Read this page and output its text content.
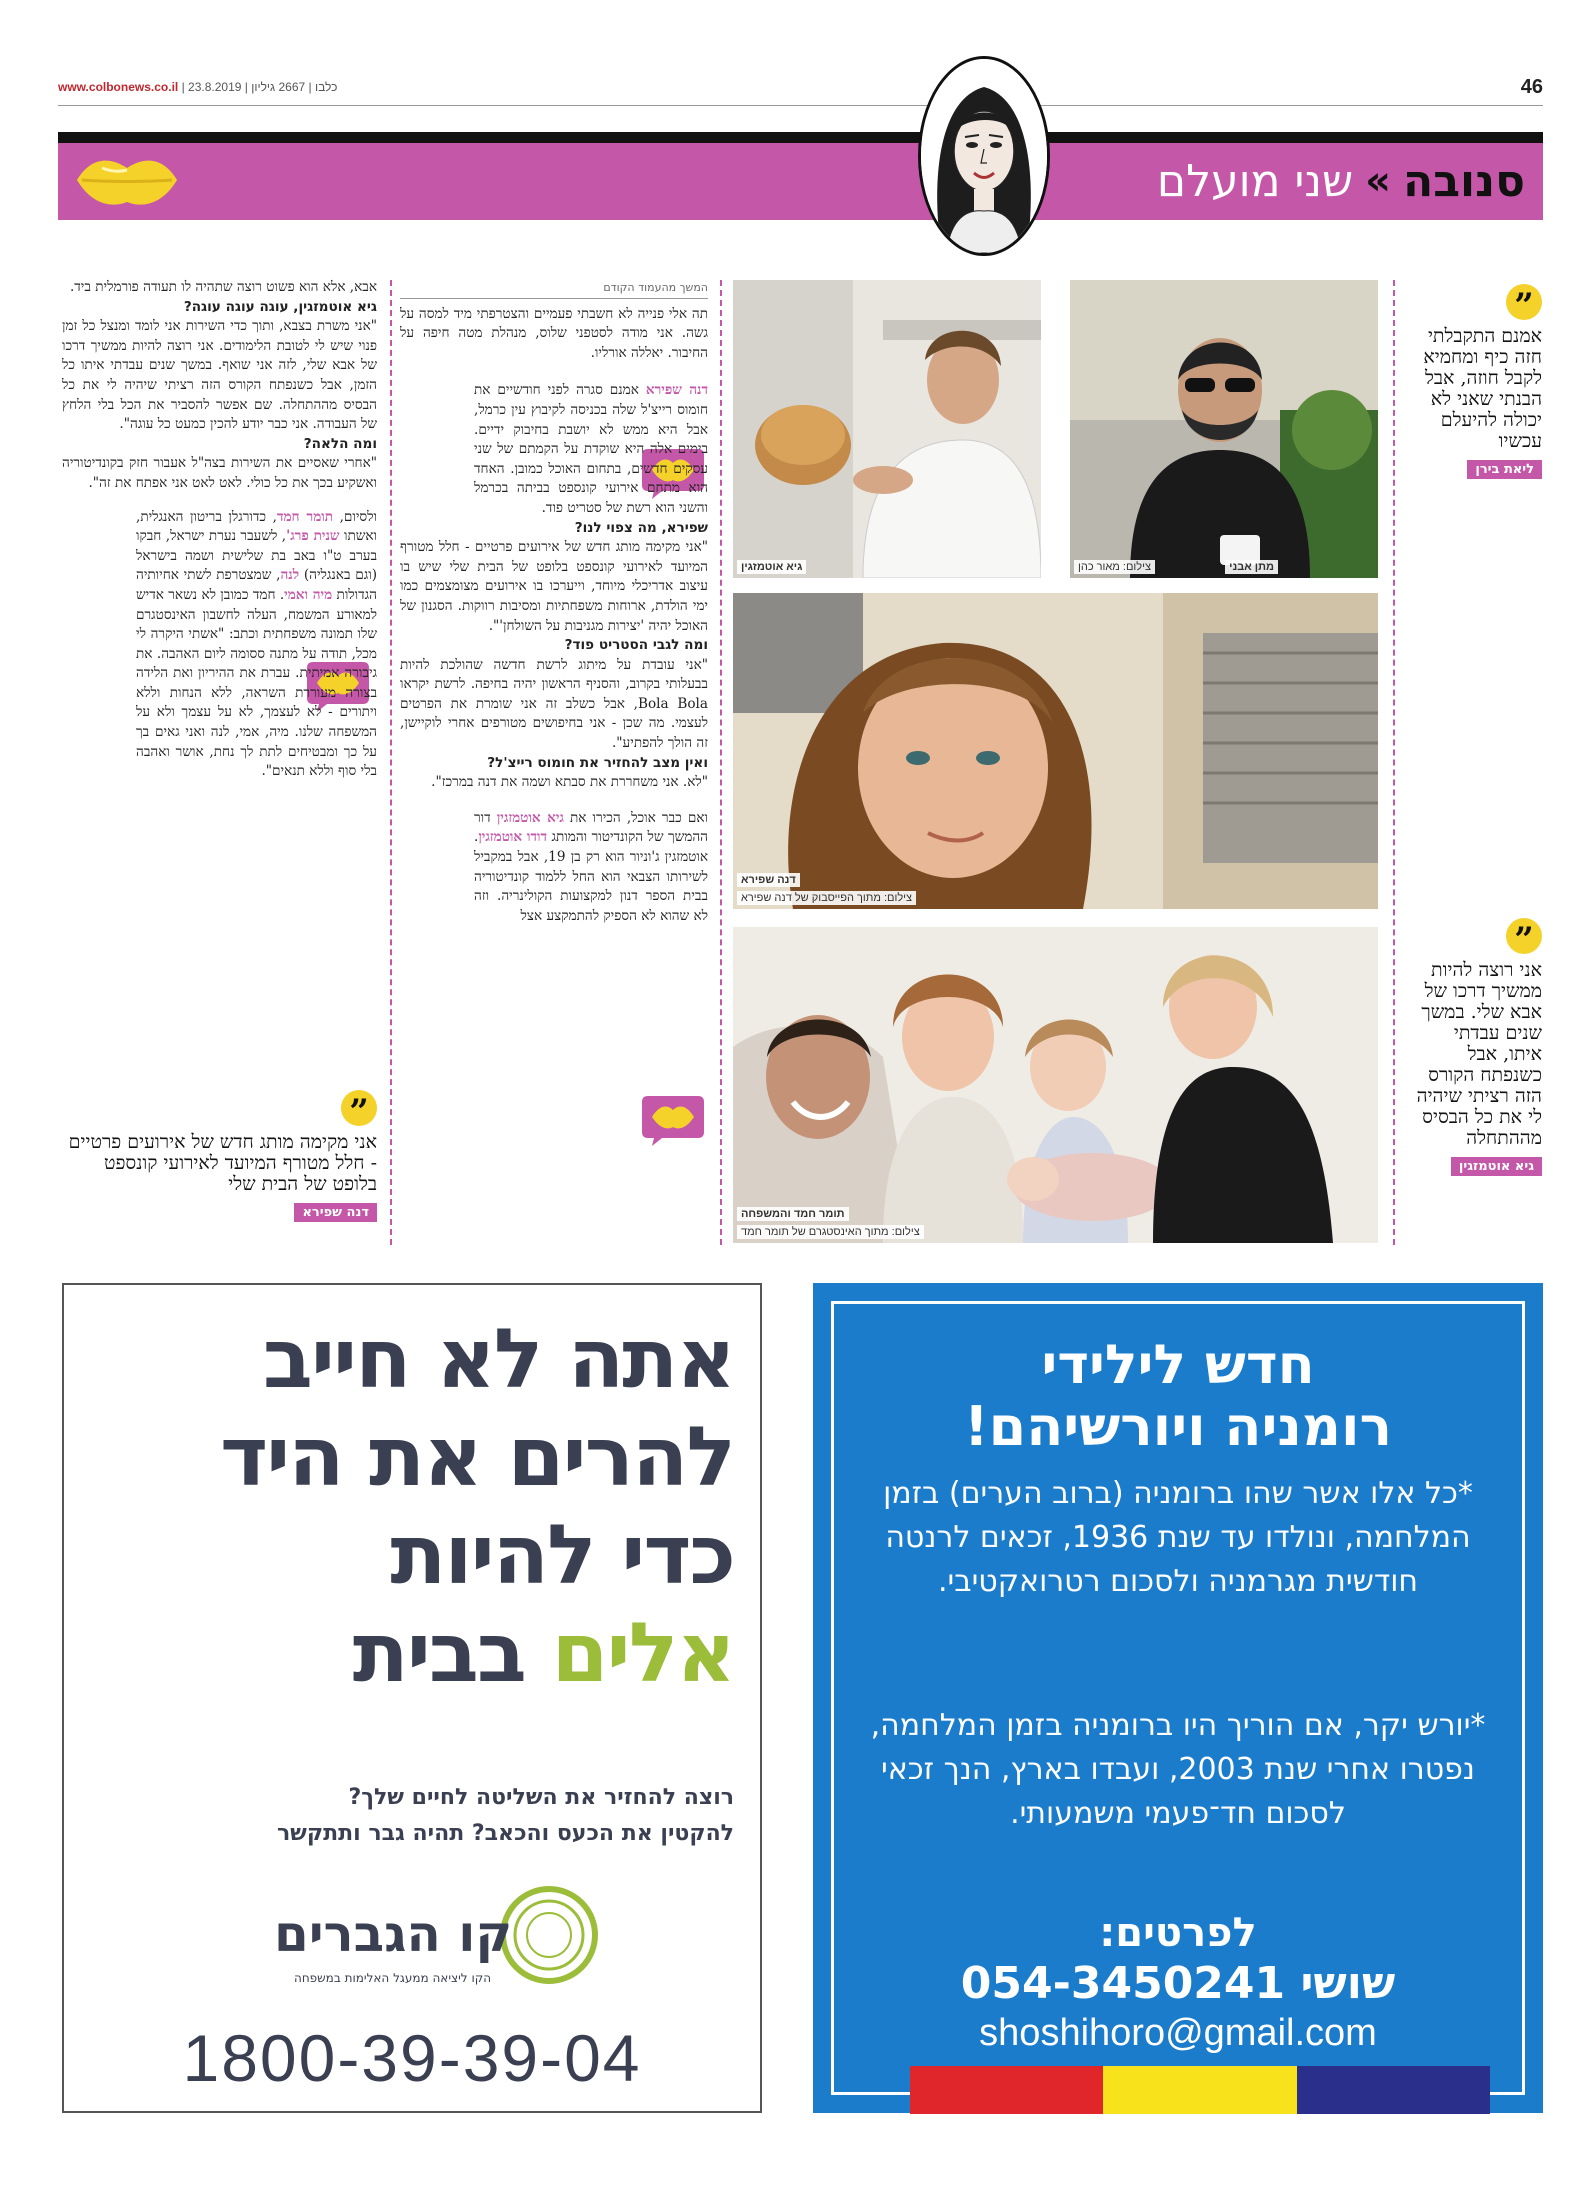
www.colbonews.co.il | כלבו | 2667 גיליון | 23.8.2019	46
סנובה
»
שני מועלם
צילום: מאור כהן	מתן אבני
גיא אוטמזגין
צילום: מתוך הפייסבוק של דנה שפירא
דנה שפירא
צילום: מתוך האינסטגרם של תומר חמד
תומר חמד והמשפחה
”
אמנם התקבלתי חזה כיף ומחמיא לקבל חוזה, אבל הבנתי שאני לא יכולה להיעלם עכשיו
ליאת בירן
”
אני רוצה להיות ממשיך דרכו של אבא שלי. במשך שנים עבדתי איתו, אבל כשנפתח הקורס הזה רציתי שיהיה לי את כל הבסיס מההתחלה
גיא אוטמזגין
”
אני מקימה מותג חדש של אירועים פרטיים - חלל מטורף המיועד לאירועי קונספט בלופט של הבית שלי
דנה שפירא

המשך מהעמוד הקודם

תה אלי פנייה לא חשבתי פעמיים והצטרפתי מיד למסה על גשה. אני מודה לסטפני שלוס, מנהלת מטה חיפה על החיבור. יאללה אורליו.

דנה שפירא אמנם סגרה לפני חודשיים את חומוס רייצ'ל שלה בכניסה לקיבוץ עין כרמל, אבל היא ממש לא יושבת בחיבוק ידיים. בימים אלה היא שוקדת על הקמתם של שני עסקים חדשים, בתחום האוכל כמובן. האחד הוא מתחם אירועי קונספט בביתה בכרמל והשני הוא רשת של סטריט פוד.

שפירא, מה צפוי לנו?

"אני מקימה מותג חדש של אירועים פרטיים - חלל מטורף המיועד לאירועי קונספט בלופט של הבית שלי שיש בו עיצוב אדריכלי מיוחד, וייערכו בו אירועים מצומצמים כמו ימי הולדת, ארוחות משפחתיות ומסיבות רווקות. הסגנון של האוכל יהיה 'יצירות מגניבות על השולחן'".

ומה לגבי הסטריט פוד?

"אני עובדת על מיתוג לרשת חדשה שהולכת להיות בבעלותי בקרוב, והסניף הראשון יהיה בחיפה. לרשת יקראו Bola Bola, אבל כשלב זה אני שומרת את הפרטים לעצמי. מה שכן - אני בחיפושים מטורפים אחרי לוקיישן, זה הולך להפתיע".

ואין מצב להחזיר את חומוס רייצ'ל?

"לא. אני משחררת את סבתא ושמה את דנה במרכז".

ואם כבר אוכל, הכירו את גיא אוטמזגין דור ההמשך של הקונדיטור והמותג דודו אוטמזגין. אוטמזגין ג'וניור הוא רק בן 19, אבל במקביל לשירותו הצבאי הוא החל ללמוד קונדיטוריה בבית הספר דנון למקצועות הקולינריה. וזה לא שהוא לא הספיק להתמקצע אצל

אבא, אלא הוא פשוט רוצה שתהיה לו תעודה פורמלית ביד.

גיא אוטמזגין, עוגה עוגה עוגה?

"אני משרת בצבא, ותוך כדי השירות אני לומד ומנצל כל זמן פנוי שיש לי לטובת הלימודים. אני רוצה להיות ממשיך דרכו של אבא שלי, לזה אני שואף. במשך שנים עבדתי איתו כל הזמן, אבל כשנפתח הקורס הזה רציתי שיהיה לי את כל הבסיס מההתחלה. שם אפשר להסביר את הכל בלי הלחץ של העבודה. אני כבר יודע להכין כמעט כל עוגה".

ומה הלאה?

"אחרי שאסיים את השירות בצה"ל אעבור חזק בקונדיטוריה ואשקיע בכך את כל כולי. לאט לאט אני אפתח את זה".

ולסיום, תומר חמד, כדורגלן בריטון האנגלית, ואשתו שנית פרג', לשעבר נערת ישראל, חבקו בערב ט"ו באב בת שלישית ושמה בישראל (וגם באנגליה) לנה, שמצטרפת לשתי אחיותיה הגדולות מיה ואמי. חמד כמובן לא נשאר אדיש למאורע המשמח, העלה לחשבון האינסטגרם שלו תמונה משפחתית וכתב: "אשתי היקרה לי מכל, תודה על מתנה ססומה ליום האהבה. את גיבורה אמיתית. עברת את ההיריון ואת הלידה בצורה מעוררת השראה, ללא הנחות וללא ויתורים - לא לעצמך, לא על עצמך ולא על המשפחה שלנו. מיה, אמי, לנה ואני גאים בך על כך ומבטיחים לתת לך נחת, אושר ואהבה בלי סוף וללא תנאים".

אתה לא חייב
להרים את היד
כדי להיות
אלים בבית
רוצה להחזיר את השליטה לחיים שלך?
להקטין את הכעס והכאב? תהיה גבר ותתקשר
קו הגברים
הקו ליציאה ממעגל האלימות במשפחה
1800-39-39-04
חדש לילידי
רומניה ויורשיהם!
*כל אלו אשר שהו ברומניה (ברוב הערים) בזמן המלחמה, ונולדו עד שנת 1936, זכאים לרנטה חודשית מגרמניה ולסכום רטרואקטיבי.
*יורש יקר, אם הוריך היו ברומניה בזמן המלחמה, נפטרו אחרי שנת 2003, ועבדו בארץ, הנך זכאי לסכום חד־פעמי משמעותי.
לפרטים:
שושי 054-3450241
shoshihoro@gmail.com
